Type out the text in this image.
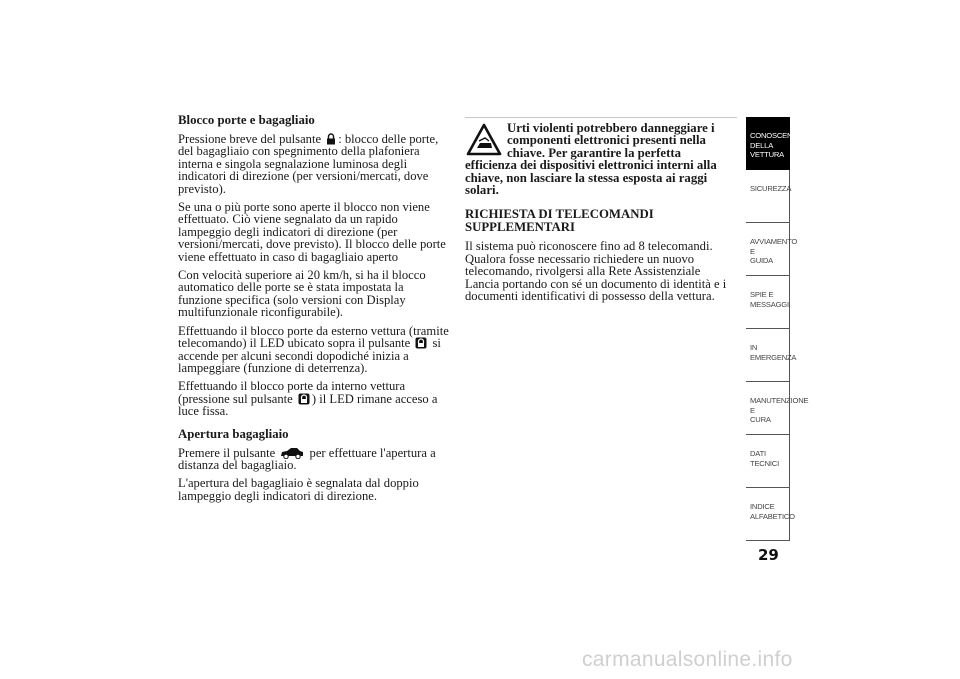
Blocco porte e bagagliaio

Pressione breve del pulsante : blocco delle porte, del bagagliaio con spegnimento della plafoniera interna e singola segnalazione luminosa degli indicatori di direzione (per versioni/mercati, dove previsto).

Se una o più porte sono aperte il blocco non viene effettuato. Ciò viene segnalato da un rapido lampeggio degli indicatori di direzione (per versioni/mercati, dove previsto). Il blocco delle porte viene effettuato in caso di bagagliaio aperto

Con velocità superiore ai 20 km/h, si ha il blocco automatico delle porte se è stata impostata la funzione specifica (solo versioni con Display multifunzionale riconfigurabile).

Effettuando il blocco porte da esterno vettura (tramite telecomando) il LED ubicato sopra il pulsante si accende per alcuni secondi dopodiché inizia a lampeggiare (funzione di deterrenza).

Effettuando il blocco porte da interno vettura (pressione sul pulsante ) il LED rimane acceso a luce fissa.

Apertura bagagliaio

Premere il pulsante	per effettuare l'apertura a distanza del bagagliaio.

L'apertura del bagagliaio è segnalata dal doppio lampeggio degli indicatori di direzione.

Urti violenti potrebbero danneggiare i
componenti elettronici presenti nella
chiave. Per garantire la perfetta
efficienza dei dispositivi elettronici interni alla chiave, non lasciare la stessa esposta ai raggi solari.
RICHIESTA DI TELECOMANDI SUPPLEMENTARI

Il sistema può riconoscere fino ad 8 telecomandi. Qualora fosse necessario richiedere un nuovo telecomando, rivolgersi alla Rete Assistenziale Lancia portando con sé un documento di identità e i documenti identificativi di possesso della vettura.

CONOSCENZA
DELLA VETTURA
SICUREZZA
AVVIAMENTO E
GUIDA
SPIE E MESSAGGI
IN EMERGENZA
MANUTENZIONE E
CURA
DATI TECNICI
INDICE
ALFABETICO
29
carmanualsonline.info
